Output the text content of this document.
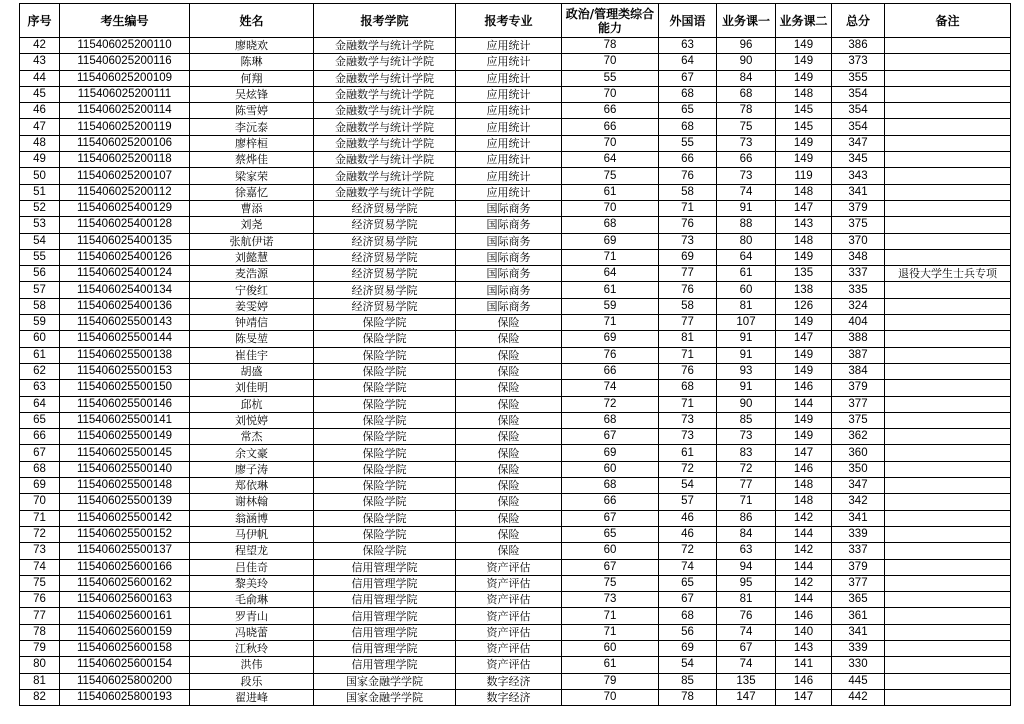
序号	考生编号	姓名	报考学院	报考专业	政治/管理类综合能力	外国语	业务课一	业务课二	总分	备注
42	115406025200110	廖晓欢	金融数学与统计学院	应用统计	78	63	96	149	386	
43	115406025200116	陈琳	金融数学与统计学院	应用统计	70	64	90	149	373	
44	115406025200109	何翔	金融数学与统计学院	应用统计	55	67	84	149	355	
45	115406025200111	吴炫锋	金融数学与统计学院	应用统计	70	68	68	148	354	
46	115406025200114	陈雪婷	金融数学与统计学院	应用统计	66	65	78	145	354	
47	115406025200119	李沅泰	金融数学与统计学院	应用统计	66	68	75	145	354	
48	115406025200106	廖梓桓	金融数学与统计学院	应用统计	70	55	73	149	347	
49	115406025200118	蔡烨佳	金融数学与统计学院	应用统计	64	66	66	149	345	
50	115406025200107	梁家荣	金融数学与统计学院	应用统计	75	76	73	119	343	
51	115406025200112	徐嘉忆	金融数学与统计学院	应用统计	61	58	74	148	341	
52	115406025400129	曹添	经济贸易学院	国际商务	70	71	91	147	379	
53	115406025400128	刘尧	经济贸易学院	国际商务	68	76	88	143	375	
54	115406025400135	张航伊诺	经济贸易学院	国际商务	69	73	80	148	370	
55	115406025400126	刘懿慧	经济贸易学院	国际商务	71	69	64	149	348	
56	115406025400124	麦浩源	经济贸易学院	国际商务	64	77	61	135	337	退役大学生士兵专项
57	115406025400134	宁俊红	经济贸易学院	国际商务	61	76	60	138	335	
58	115406025400136	姜雯婷	经济贸易学院	国际商务	59	58	81	126	324	
59	115406025500143	钟靖信	保险学院	保险	71	77	107	149	404	
60	115406025500144	陈旻堃	保险学院	保险	69	81	91	147	388	
61	115406025500138	崔佳宇	保险学院	保险	76	71	91	149	387	
62	115406025500153	胡盛	保险学院	保险	66	76	93	149	384	
63	115406025500150	刘佳明	保险学院	保险	74	68	91	146	379	
64	115406025500146	邱杭	保险学院	保险	72	71	90	144	377	
65	115406025500141	刘悦婷	保险学院	保险	68	73	85	149	375	
66	115406025500149	常杰	保险学院	保险	67	73	73	149	362	
67	115406025500145	余文豪	保险学院	保险	69	61	83	147	360	
68	115406025500140	廖子涛	保险学院	保险	60	72	72	146	350	
69	115406025500148	郑依琳	保险学院	保险	68	54	77	148	347	
70	115406025500139	谢林翰	保险学院	保险	66	57	71	148	342	
71	115406025500142	翁涵博	保险学院	保险	67	46	86	142	341	
72	115406025500152	马伊帆	保险学院	保险	65	46	84	144	339	
73	115406025500137	程望龙	保险学院	保险	60	72	63	142	337	
74	115406025600166	吕佳奇	信用管理学院	资产评估	67	74	94	144	379	
75	115406025600162	黎美玲	信用管理学院	资产评估	75	65	95	142	377	
76	115406025600163	毛俞琳	信用管理学院	资产评估	73	67	81	144	365	
77	115406025600161	罗青山	信用管理学院	资产评估	71	68	76	146	361	
78	115406025600159	冯晓蕾	信用管理学院	资产评估	71	56	74	140	341	
79	115406025600158	江秋玲	信用管理学院	资产评估	60	69	67	143	339	
80	115406025600154	洪伟	信用管理学院	资产评估	61	54	74	141	330	
81	115406025800200	段乐	国家金融学学院	数字经济	79	85	135	146	445	
82	115406025800193	翟进峰	国家金融学学院	数字经济	70	78	147	147	442	
